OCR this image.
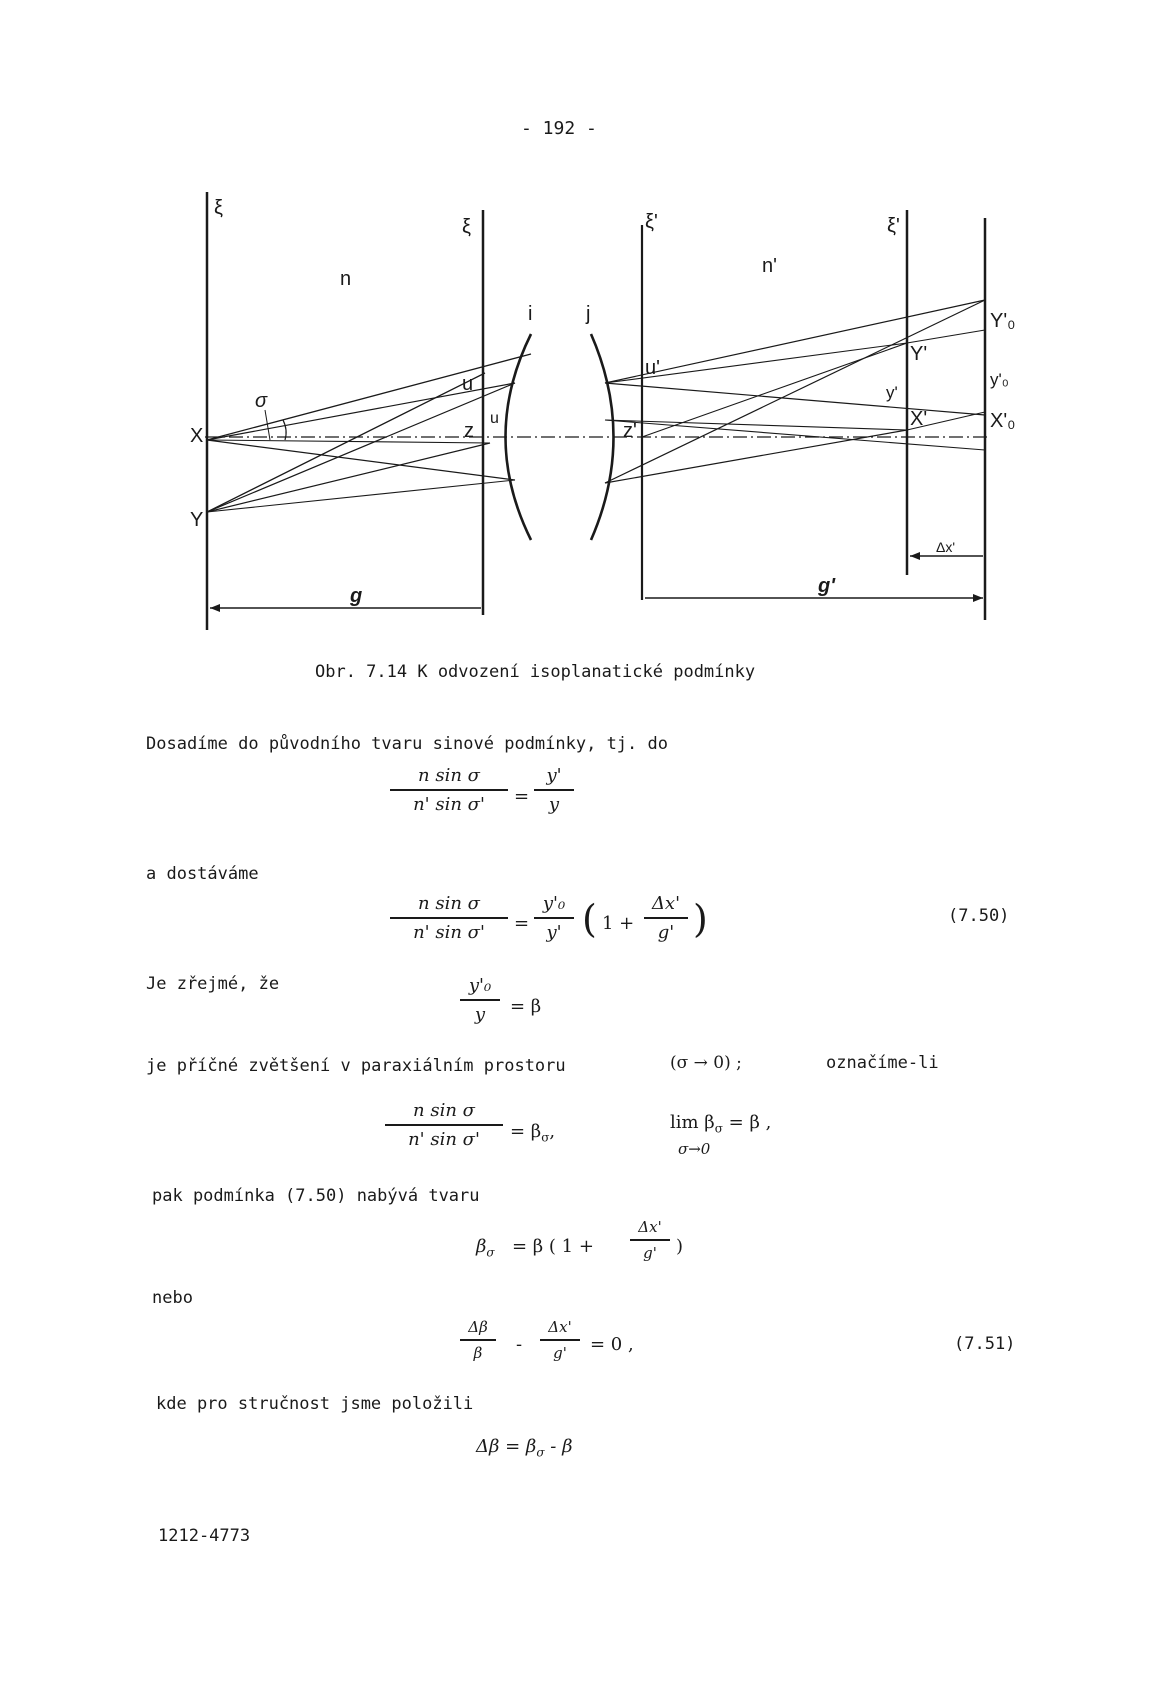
- 192 -
ξ
ξ	ξ'	ξ'
n
n'
i	j
X
Y
σ
u
u
z
u'
z'
Y'
y'
X'
Y'₀
y'₀
X'₀
Δx'
g	g'
Obr. 7.14 K odvození isoplanatické podmínky
Dosadíme do původního tvaru sinové podmínky, tj. do
n sin σ
n' sin σ'	=
y'
y
a dostáváme
n sin σ
n' sin σ'	=
y'₀
y' ( 1 +
Δx'
g' )	(7.50)
Je zřejmé, že	y'₀
y	= β
je příčné zvětšení v paraxiálním prostoru	(σ → 0) ;	označíme-li
n sin σ
n' sin σ'	= $\beta_\sigma$,	$\lim \beta_\sigma = \beta$ ,
σ→0
pak podmínka (7.50) nabývá tvaru
$\beta_\sigma = \beta$ ( 1 +
Δx'
g'	)
nebo
Δβ
β	-
Δx'
g'	= 0 ,	(7.51)
kde pro stručnost jsme položili
$\Delta\beta = \beta_\sigma - \beta$
1212-4773
